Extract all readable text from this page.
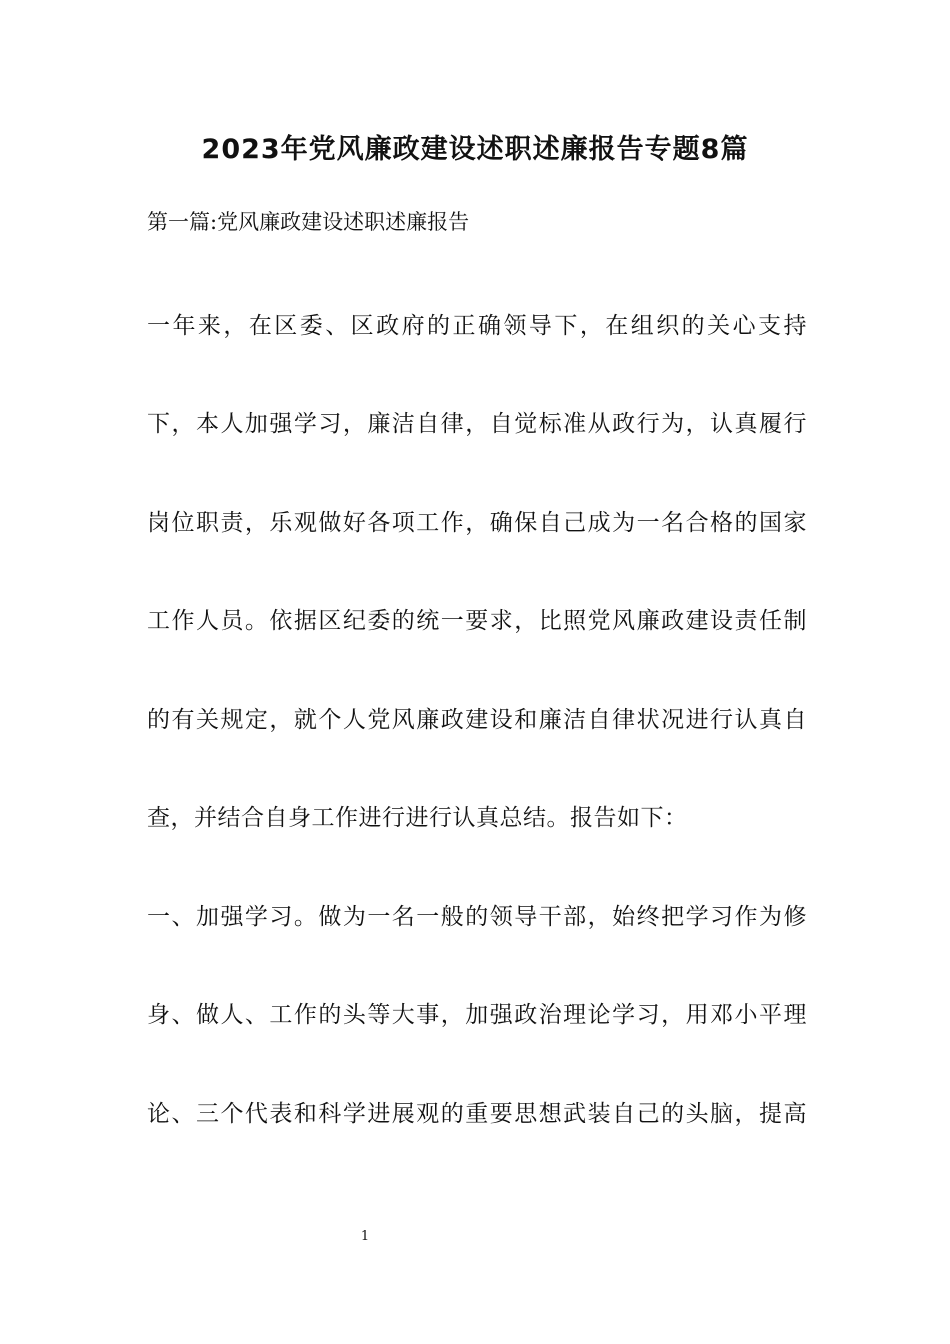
2023年党风廉政建设述职述廉报告专题8篇
第一篇:党风廉政建设述职述廉报告
一年来，在区委、区政府的正确领导下，在组织的关心支持
下，本人加强学习，廉洁自律，自觉标准从政行为，认真履行
岗位职责，乐观做好各项工作，确保自己成为一名合格的国家
工作人员。依据区纪委的统一要求，比照党风廉政建设责任制
的有关规定，就个人党风廉政建设和廉洁自律状况进行认真自
查，并结合自身工作进行进行认真总结。报告如下：
一、加强学习。做为一名一般的领导干部，始终把学习作为修
身、做人、工作的头等大事，加强政治理论学习，用邓小平理
论、三个代表和科学进展观的重要思想武装自己的头脑，提高
1
